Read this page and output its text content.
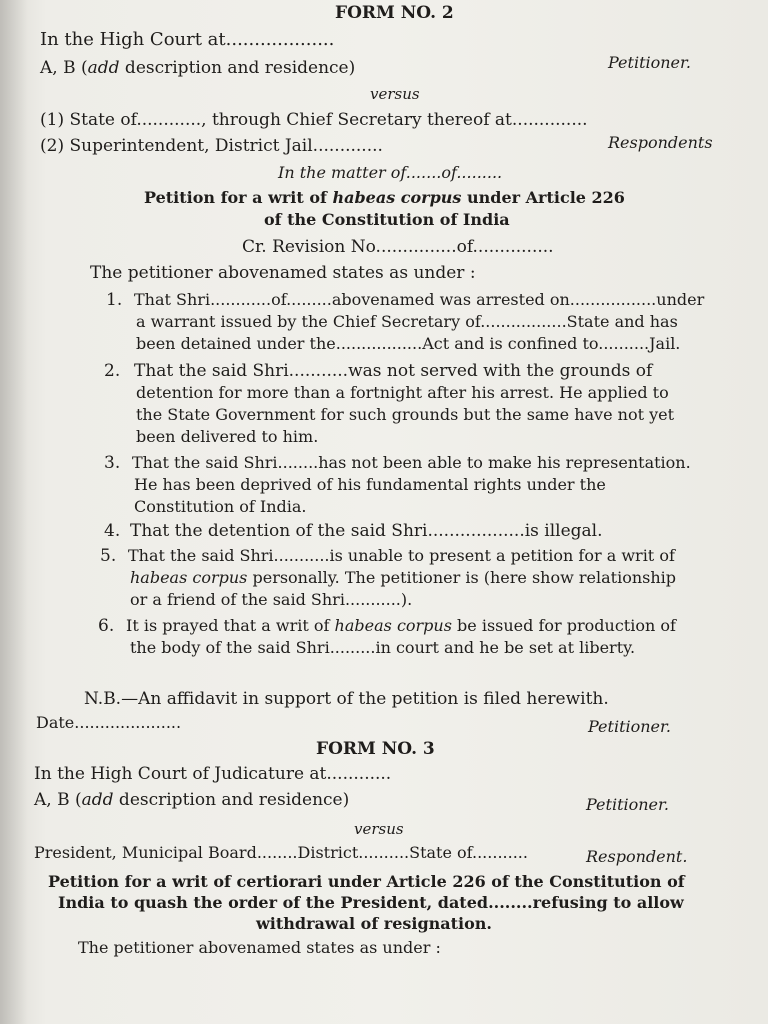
FORM NO. 2
In the High Court at...................
A, B (add description and residence)	Petitioner.
versus
(1) State of............, through Chief Secretary thereof at..............
(2) Superintendent, District Jail.............	Respondents
In the matter of.......of.........
Petition for a writ of habeas corpus under Article 226
of the Constitution of India
Cr. Revision No...............of...............
The petitioner abovenamed states as under :
1. That Shri............of.........abovenamed was arrested on.................under
a warrant issued by the Chief Secretary of.................State and has
been detained under the.................Act and is confined to..........Jail.
2. That the said Shri...........was not served with the grounds of
detention for more than a fortnight after his arrest. He applied to
the State Government for such grounds but the same have not yet
been delivered to him.
3. That the said Shri........has not been able to make his representation.
He has been deprived of his fundamental rights under the
Constitution of India.
4. That the detention of the said Shri..................is illegal.
5. That the said Shri...........is unable to present a petition for a writ of
habeas corpus personally. The petitioner is (here show relationship
or a friend of the said Shri...........).
6. It is prayed that a writ of habeas corpus be issued for production of
the body of the said Shri.........in court and he be set at liberty.
N.B.—An affidavit in support of the petition is filed herewith.
Date.....................	Petitioner.
FORM NO. 3
In the High Court of Judicature at............
A, B (add description and residence)	Petitioner.
versus
President, Municipal Board........District..........State of...........	Respondent.
Petition for a writ of certiorari under Article 226 of the Constitution of
India to quash the order of the President, dated........refusing to allow
withdrawal of resignation.
The petitioner abovenamed states as under :
